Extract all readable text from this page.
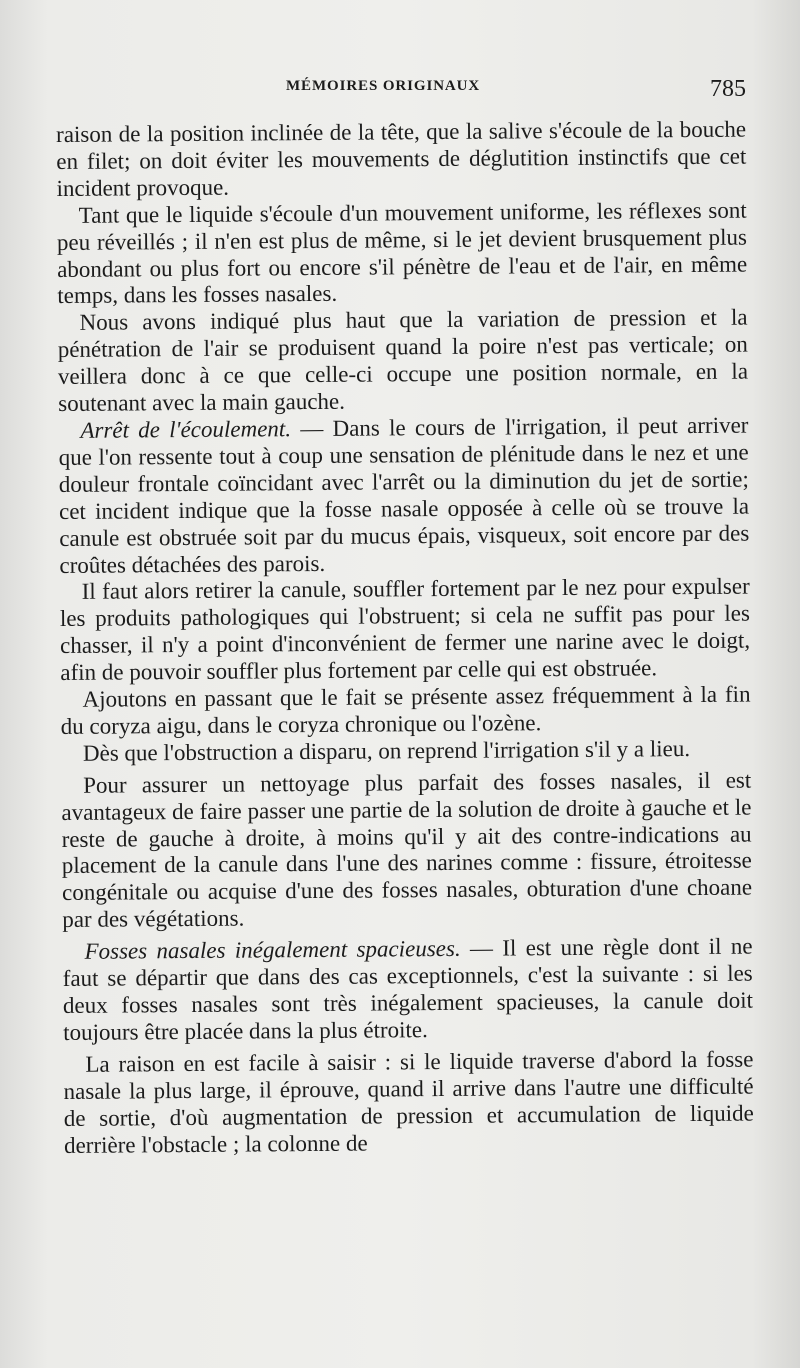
MÉMOIRES ORIGINAUX	785

raison de la position inclinée de la tête, que la salive s'écoule de la bouche en filet; on doit éviter les mouvements de déglutition instinctifs que cet incident provoque.

Tant que le liquide s'écoule d'un mouvement uniforme, les réflexes sont peu réveillés ; il n'en est plus de même, si le jet devient brusquement plus abondant ou plus fort ou encore s'il pénètre de l'eau et de l'air, en même temps, dans les fosses nasales.

Nous avons indiqué plus haut que la variation de pression et la pénétration de l'air se produisent quand la poire n'est pas verticale; on veillera donc à ce que celle-ci occupe une position normale, en la soutenant avec la main gauche.

Arrêt de l'écoulement. — Dans le cours de l'irrigation, il peut arriver que l'on ressente tout à coup une sensation de plénitude dans le nez et une douleur frontale coïncidant avec l'arrêt ou la diminution du jet de sortie; cet incident indique que la fosse nasale opposée à celle où se trouve la canule est obstruée soit par du mucus épais, visqueux, soit encore par des croûtes détachées des parois.

Il faut alors retirer la canule, souffler fortement par le nez pour expulser les produits pathologiques qui l'obstruent; si cela ne suffit pas pour les chasser, il n'y a point d'inconvénient de fermer une narine avec le doigt, afin de pouvoir souffler plus fortement par celle qui est obstruée.

Ajoutons en passant que le fait se présente assez fréquemment à la fin du coryza aigu, dans le coryza chronique ou l'ozène.

Dès que l'obstruction a disparu, on reprend l'irrigation s'il y a lieu.

Pour assurer un nettoyage plus parfait des fosses nasales, il est avantageux de faire passer une partie de la solution de droite à gauche et le reste de gauche à droite, à moins qu'il y ait des contre-indications au placement de la canule dans l'une des narines comme : fissure, étroitesse congénitale ou acquise d'une des fosses nasales, obturation d'une choane par des végétations.

Fosses nasales inégalement spacieuses. — Il est une règle dont il ne faut se départir que dans des cas exceptionnels, c'est la suivante : si les deux fosses nasales sont très inégalement spacieuses, la canule doit toujours être placée dans la plus étroite.

La raison en est facile à saisir : si le liquide traverse d'abord la fosse nasale la plus large, il éprouve, quand il arrive dans l'autre une difficulté de sortie, d'où augmentation de pression et accumulation de liquide derrière l'obstacle ; la colonne de
